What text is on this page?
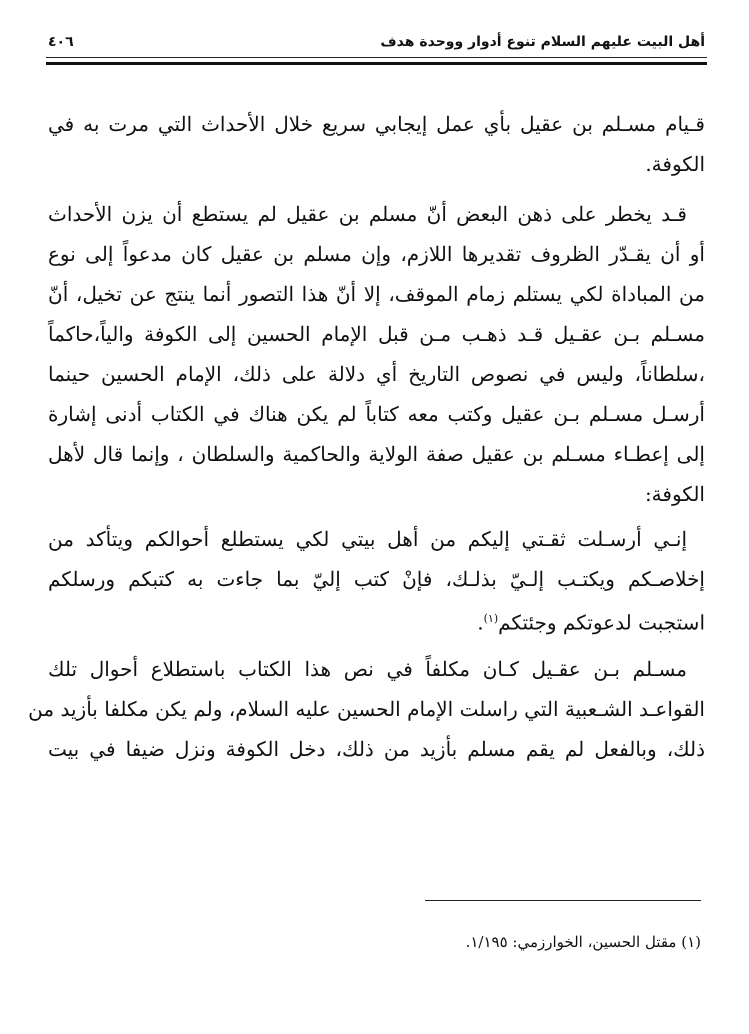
أهل البيت عليهم السلام تنوع أدوار ووحدة هدف
٤٠٦
قـيام مسـلم بن عقيل بأي عمل إيجابي سريع خلال الأحداث التي مرت به في
الكوفة.
قـد يخطر على ذهن البعض أنّ مسلم بن عقيل لم يستطع أن يزن الأحداث
أو أن يقـدّر الظروف تقديرها اللازم، وإن مسلم بن عقيل كان مدعواً إلى نوع
من المباداة لكي يستلم زمام الموقف، إلا أنّ هذا التصور أنما ينتج عن تخيل، أنّ
مسـلم بـن عقـيل قـد ذهـب مـن قبل الإمام الحسين إلى الكوفة والياً،حاكماً
،سلطاناً، وليس في نصوص التاريخ أي دلالة على ذلك، الإمام الحسين حينما
أرسـل مسـلم بـن عقيل وكتب معه كتاباً لم يكن هناك في الكتاب أدنى إشارة
إلى إعطـاء مسـلم بن عقيل صفة الولاية والحاكمية والسلطان ، وإنما قال لأهل
الكوفة:
إنـي أرسـلت ثقـتي إليكم من أهل بيتي لكي يستطلع أحوالكم ويتأكد من
إخلاصـكم ويكتـب إلـيّ بذلـك، فإنْ كتب إليّ بما جاءت به كتبكم ورسلكم
استجبت لدعوتكم وجئتكم$^{(١)}$.
مسـلم بـن عقـيل كـان مكلفاً في نص هذا الكتاب باستطلاع أحوال تلك
القواعـد الشـعبية التي راسلت الإمام الحسين عليه السلام، ولم يكن مكلفا بأزيد من
ذلك، وبالفعل لم يقم مسلم بأزيد من ذلك، دخل الكوفة ونزل ضيفا في بيت
(١) مقتل الحسين، الخوارزمي: ١/١٩٥.
